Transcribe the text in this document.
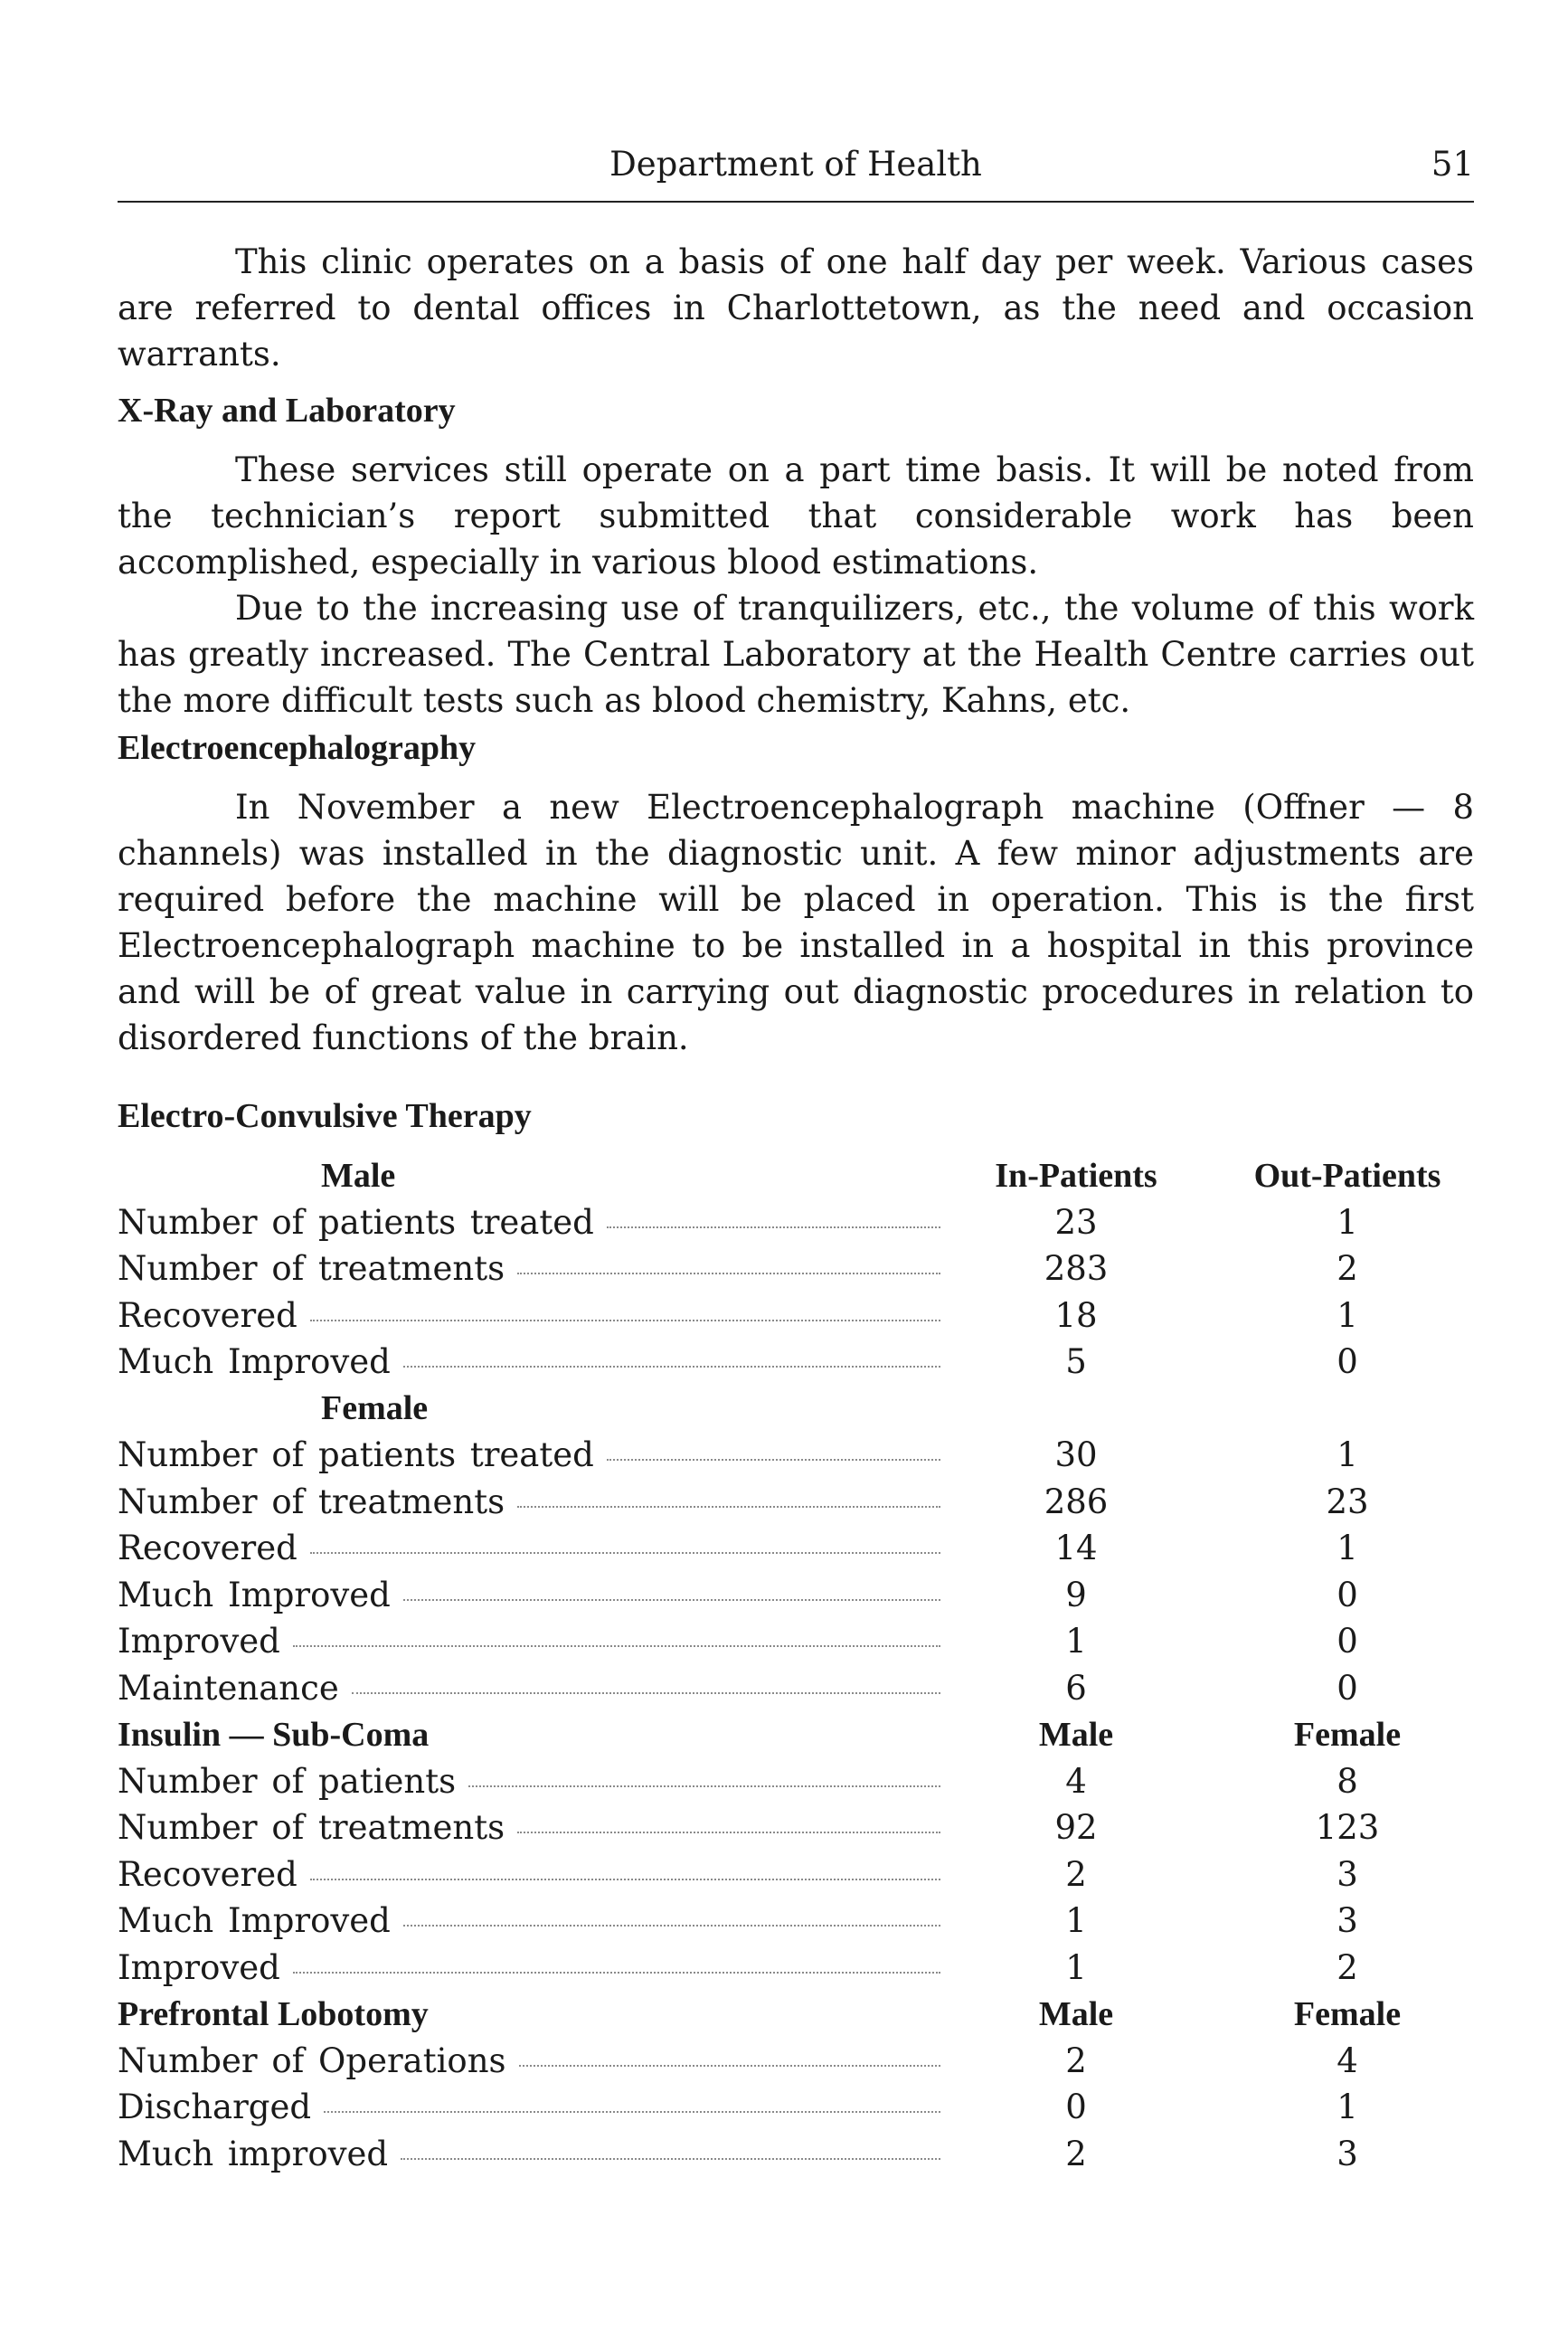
Department of Health	51

This clinic operates on a basis of one half day per week. Various cases are referred to dental offices in Charlottetown, as the need and occasion warrants.

X-Ray and Laboratory

These services still operate on a part time basis. It will be noted from the technician’s report submitted that considerable work has been accomplished, especially in various blood estimations.

Due to the increasing use of tranquilizers, etc., the volume of this work has greatly increased. The Central Laboratory at the Health Centre carries out the more difficult tests such as blood chemistry, Kahns, etc.

Electroencephalography

In November a new Electroencephalograph machine (Offner — 8 channels) was installed in the diagnostic unit. A few minor adjustments are required before the machine will be placed in operation. This is the first Electroencephalograph machine to be installed in a hospital in this province and will be of great value in carrying out diagnostic procedures in relation to disordered functions of the brain.

Electro-Convulsive Therapy
Male	In-Patients	Out-Patients

Number of patients treated	23	1

Number of treatments	283	2

Recovered	18	1

Much Improved	5	0

Female		

Number of patients treated	30	1

Number of treatments	286	23

Recovered	14	1

Much Improved	9	0

Improved	1	0

Maintenance	6	0

Insulin — Sub-Coma	Male	Female

Number of patients	4	8

Number of treatments	92	123

Recovered	2	3

Much Improved	1	3

Improved	1	2

Prefrontal Lobotomy	Male	Female

Number of Operations	2	4

Discharged	0	1

Much improved	2	3
